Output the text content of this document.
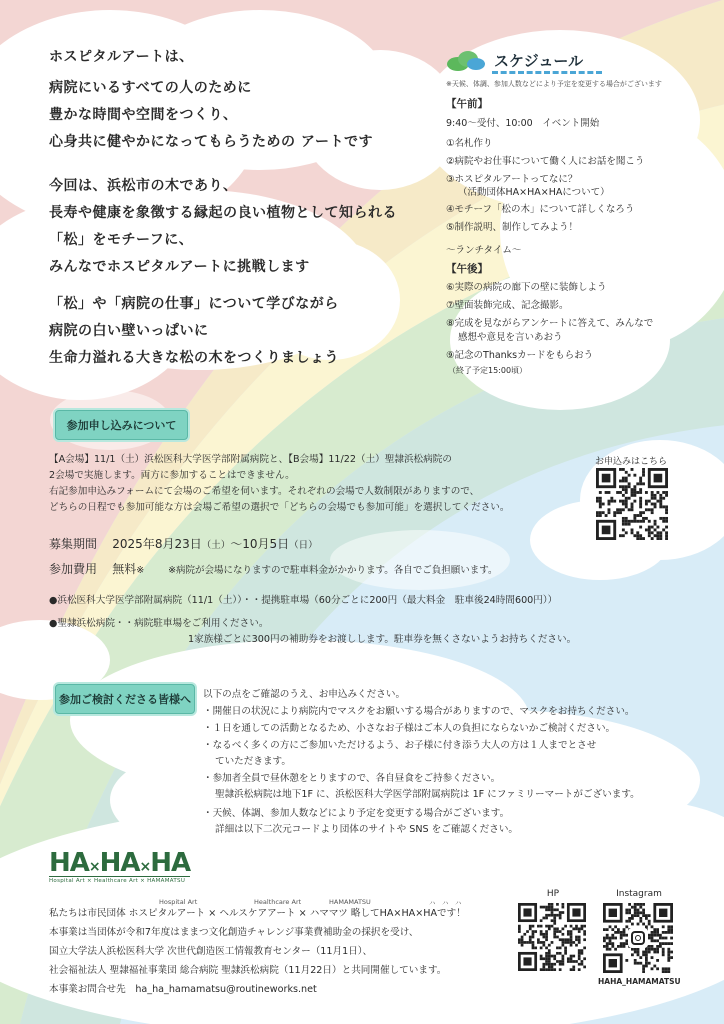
ホスピタルアートは、

病院にいるすべての人のために

豊かな時間や空間をつくり、

心身共に健やかになってもらうための アートです

今回は、浜松市の木であり、

長寿や健康を象徴する縁起の良い植物として知られる

「松」をモチーフに、

みんなでホスピタルアートに挑戦します

「松」や「病院の仕事」について学びながら

病院の白い壁いっぱいに

生命力溢れる大きな松の木をつくりましょう

スケジュール
※天候、体調、参加人数などにより予定を変更する場合がございます

【午前】

9:40～受付、10:00　イベント開始

①名札作り

②病院やお仕事について働く人にお話を聞こう

③ホスピタルアートってなに？

（活動団体HA×HA×HAについて）

④モチーフ「松の木」について詳しくなろう

⑤制作説明、制作してみよう！

～ランチタイム～

【午後】

⑥実際の病院の廊下の壁に装飾しよう

⑦壁面装飾完成、記念撮影。

⑧完成を見ながらアンケートに答えて、みんなで

感想や意見を言いあおう

⑨記念のThanksカードをもらおう

（終了予定15:00頃）

参加申し込みについて

【A会場】11/1（土）浜松医科大学医学部附属病院と、【B会場】11/22（土）聖隷浜松病院の

2会場で実施します。両方に参加することはできません。

右記参加申込みフォームにて会場のご希望を伺います。それぞれの会場で人数制限がありますので、

どちらの日程でも参加可能な方は会場ご希望の選択で「どちらの会場でも参加可能」を選択してください。

お申込みはこちら
募集期間 2025年8月23日（土）～10月5日（日）
参加費用 無料※	※病院が会場になりますので駐車料金がかかります。各自でご負担願います。

●浜松医科大学医学部附属病院（11/1（土））・・提携駐車場（60分ごとに200円（最大料金　駐車後24時間600円））

●聖隷浜松病院・・病院駐車場をご利用ください。

1家族様ごとに300円の補助券をお渡しします。駐車券を無くさないようお持ちください。

参加ご検討くださる皆様へ	以下の点をご確認のうえ、お申込みください。

・開催日の状況により病院内でマスクをお願いする場合がありますので、マスクをお持ちください。

・１日を通しての活動となるため、小さなお子様はご本人の負担にならないかご検討ください。

・なるべく多くの方にご参加いただけるよう、お子様に付き添う大人の方は１人までとさせ

ていただきます。

・参加者全員で昼休憩をとりますので、各自昼食をご持参ください。

聖隷浜松病院は地下1F に、浜松医科大学医学部附属病院は 1F にファミリーマートがございます。

・天候、体調、参加人数などにより予定を変更する場合がございます。

詳細は以下二次元コードより団体のサイトや SNS をご確認ください。

HA×HA×HA
Hospital Art × Healthcare Art × HAMAMATSU
Hospital Art	Healthcare Art	HAMAMATSU	ハ　ハ　ハ

私たちは市民団体 ホスピタルアート × ヘルスケアアート × ハママツ 略してHA×HA×HAです！

本事業は当団体が令和7年度はままつ文化創造チャレンジ事業費補助金の採択を受け、

国立大学法人浜松医科大学 次世代創造医工情報教育センター（11月1日）、

社会福祉法人 聖隷福祉事業団 総合病院 聖隷浜松病院（11月22日）と共同開催しています。

本事業お問合せ先　ha_ha_hamamatsu@routineworks.net

HP	Instagram
HAHA_HAMAMATSU
